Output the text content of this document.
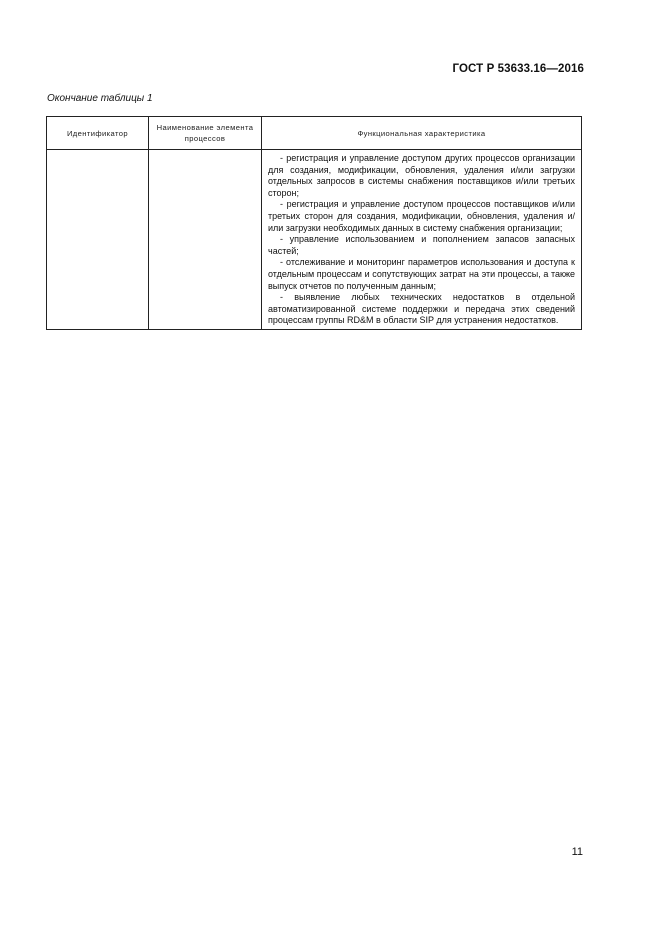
ГОСТ Р 53633.16—2016
Окончание таблицы 1
Идентификатор	Наименование элемента процессов	Функциональная характеристика

		- регистрация и управление доступом других процессов организации для создания, модификации, обновления, удаления и/или загрузки отдельных запросов в системы снабжения поставщиков и/или третьих сторон;

- регистрация и управление доступом процессов поставщиков и/или третьих сторон для создания, модификации, обновления, удаления и/или загрузки необходимых данных в систему снабжения организации;

- управление использованием и пополнением запасов запасных частей;

- отслеживание и мониторинг параметров использования и доступа к отдельным процессам и сопутствующих затрат на эти процессы, а также выпуск отчетов по полученным данным;

- выявление любых технических недостатков в отдельной автоматизированной системе поддержки и передача этих сведений процессам группы RD&M в области SIP для устранения недостатков.

11
